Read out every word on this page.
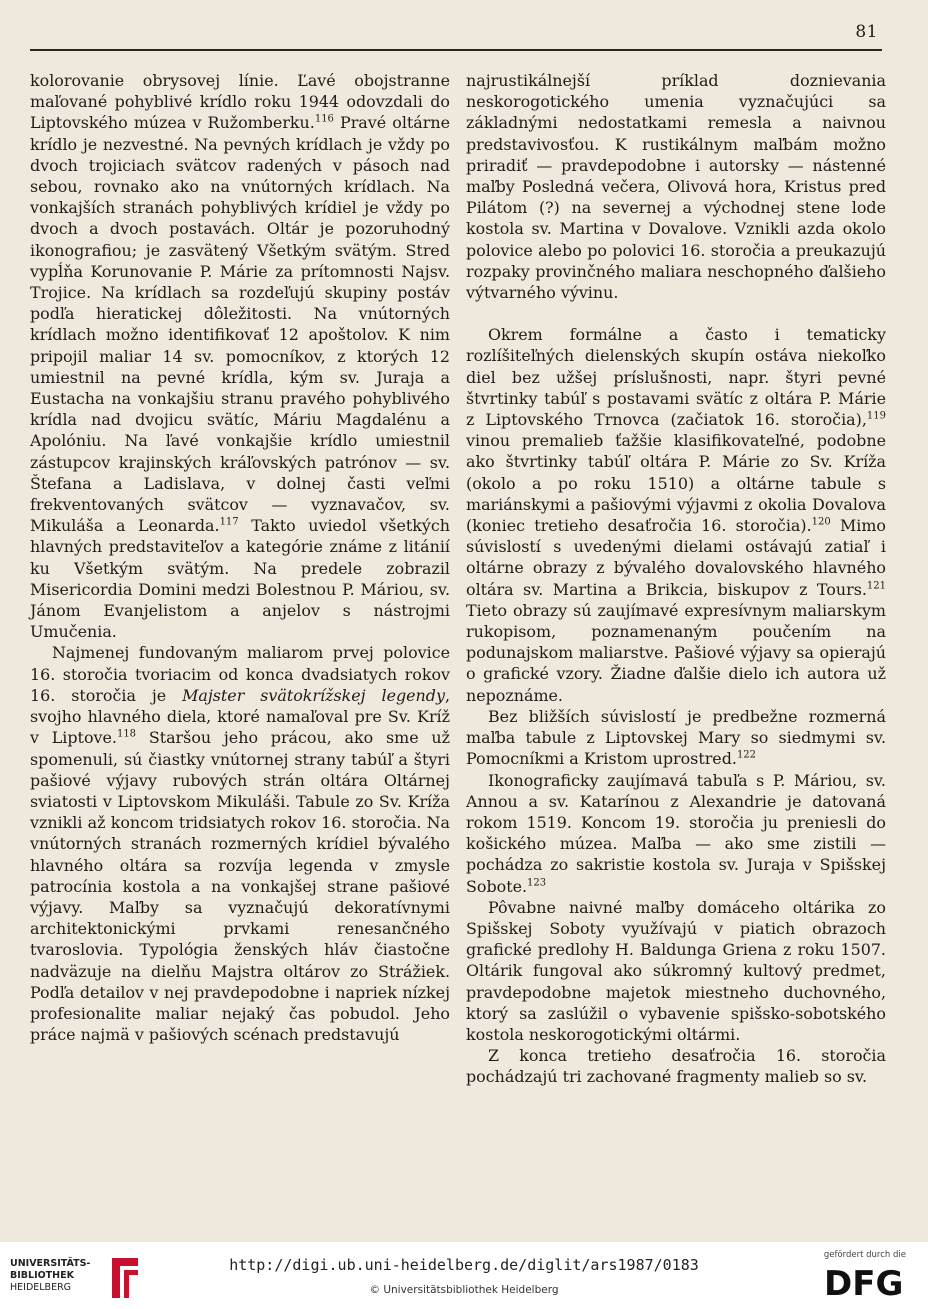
81

kolorovanie obrysovej línie. Ľavé obojstranne maľované pohyblivé krídlo roku 1944 odovzdali do Liptovského múzea v Ružomberku.$^{116}$ Pravé oltárne krídlo je nezvestné. Na pevných krídlach je vždy po dvoch trojiciach svätcov radených v pásoch nad sebou, rovnako ako na vnútorných krídlach. Na vonkajších stranách pohyblivých krídiel je vždy po dvoch a dvoch postavách. Oltár je pozoruhodný ikonografiou; je zasvätený Všetkým svätým. Stred vypĺňa Korunovanie P. Márie za prítomnosti Najsv. Trojice. Na krídlach sa rozdeľujú skupiny postáv podľa hieratickej dôležitosti. Na vnútorných krídlach možno identifikovať 12 apoštolov. K nim pripojil maliar 14 sv. pomocníkov, z ktorých 12 umiestnil na pevné krídla, kým sv. Juraja a Eustacha na vonkajšiu stranu pravého pohyblivého krídla nad dvojicu svätíc, Máriu Magdalénu a Apolóniu. Na ľavé vonkajšie krídlo umiestnil zástupcov krajinských kráľovských patrónov — sv. Štefana a Ladislava, v dolnej časti veľmi frekventovaných svätcov — vyznavačov, sv. Mikuláša a Leonarda.$^{117}$ Takto uviedol všetkých hlavných predstaviteľov a kategórie známe z litánií ku Všetkým svätým. Na predele zobrazil Misericordia Domini medzi Bolestnou P. Máriou, sv. Jánom Evanjelistom a anjelov s nástrojmi Umučenia.

Najmenej fundovaným maliarom prvej polovice 16. storočia tvoriacim od konca dvadsiatych rokov 16. storočia je Majster svätokrížskej legendy, svojho hlavného diela, ktoré namaľoval pre Sv. Kríž v Liptove.$^{118}$ Staršou jeho prácou, ako sme už spomenuli, sú čiastky vnútornej strany tabúľ a štyri pašiové výjavy rubových strán oltára Oltárnej sviatosti v Liptovskom Mikuláši. Tabule zo Sv. Kríža vznikli až koncom tridsiatych rokov 16. storočia. Na vnútorných stranách rozmerných krídiel bývalého hlavného oltára sa rozvíja legenda v zmysle patrocínia kostola a na vonkajšej strane pašiové výjavy. Maľby sa vyznačujú dekoratívnymi architektonickými prvkami renesančného tvaroslovia. Typológia ženských hláv čiastočne nadväzuje na dielňu Majstra oltárov zo Strážiek. Podľa detailov v nej pravdepodobne i napriek nízkej profesionalite maliar nejaký čas pobudol. Jeho práce najmä v pašiových scénach predstavujú

najrustikálnejší príklad doznievania neskorogotického umenia vyznačujúci sa základnými nedostatkami remesla a naivnou predstavivosťou. K rustikálnym maľbám možno priradiť — pravdepodobne i autorsky — nástenné maľby Posledná večera, Olivová hora, Kristus pred Pilátom (?) na severnej a východnej stene lode kostola sv. Martina v Dovalove. Vznikli azda okolo polovice alebo po polovici 16. storočia a preukazujú rozpaky provinčného maliara neschopného ďalšieho výtvarného vývinu.

Okrem formálne a často i tematicky rozlíšiteľných dielenských skupín ostáva niekoľko diel bez užšej príslušnosti, napr. štyri pevné štvrtinky tabúľ s postavami svätíc z oltára P. Márie z Liptovského Trnovca (začiatok 16. storočia),$^{119}$ vinou premalieb ťažšie klasifikovateľné, podobne ako štvrtinky tabúľ oltára P. Márie zo Sv. Kríža (okolo a po roku 1510) a oltárne tabule s mariánskymi a pašiovými výjavmi z okolia Dovalova (koniec tretieho desaťročia 16. storočia).$^{120}$ Mimo súvislostí s uvedenými dielami ostávajú zatiaľ i oltárne obrazy z bývalého dovalovského hlavného oltára sv. Martina a Brikcia, biskupov z Tours.$^{121}$ Tieto obrazy sú zaujímavé expresívnym maliarskym rukopisom, poznamenaným poučením na podunajskom maliarstve. Pašiové výjavy sa opierajú o grafické vzory. Žiadne ďalšie dielo ich autora už nepoznáme.

Bez bližších súvislostí je predbežne rozmerná maľba tabule z Liptovskej Mary so siedmymi sv. Pomocníkmi a Kristom uprostred.$^{122}$

Ikonograficky zaujímavá tabuľa s P. Máriou, sv. Annou a sv. Katarínou z Alexandrie je datovaná rokom 1519. Koncom 19. storočia ju preniesli do košického múzea. Maľba — ako sme zistili — pochádza zo sakristie kostola sv. Juraja v Spišskej Sobote.$^{123}$

Pôvabne naivné maľby domáceho oltárika zo Spišskej Soboty využívajú v piatich obrazoch grafické predlohy H. Baldunga Griena z roku 1507. Oltárik fungoval ako súkromný kultový predmet, pravdepodobne majetok miestneho duchovného, ktorý sa zaslúžil o vybavenie spišsko-sobotského kostola neskorogotickými oltármi.

Z konca tretieho desaťročia 16. storočia pochádzajú tri zachované fragmenty malieb so sv.

UNIVERSITÄTS-
BIBLIOTHEK
HEIDELBERG
http://digi.ub.uni-heidelberg.de/diglit/ars1987/0183
© Universitätsbibliothek Heidelberg
gefördert durch die
DFG
